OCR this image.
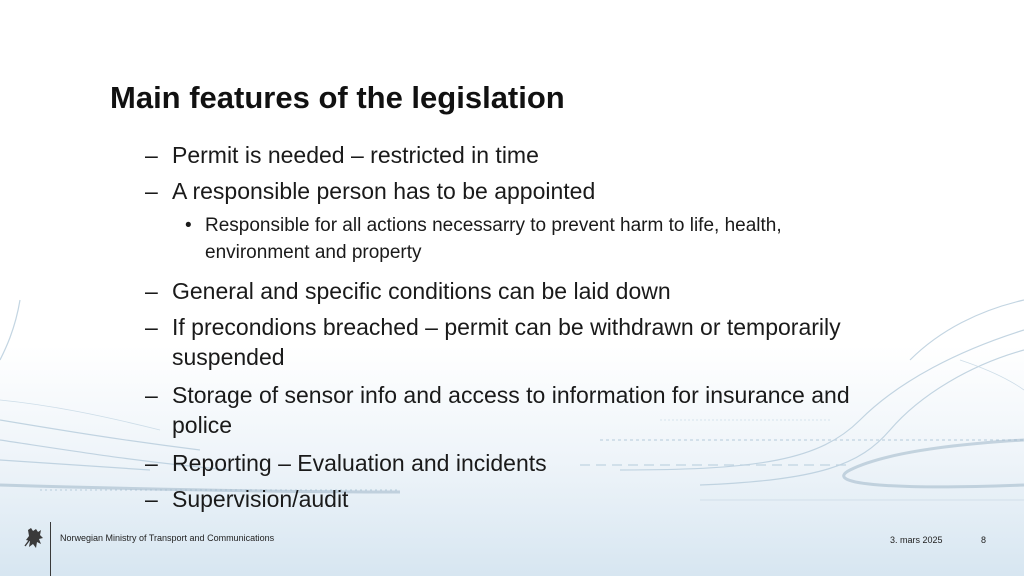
Main features of the legislation
– Permit is needed – restricted in time
– A responsible person has to be appointed
• Responsible for all actions necessarry to prevent harm to life, health, environment and property
– General and specific conditions can be laid down
– If precondions breached – permit can be withdrawn or temporarily suspended
– Storage of sensor info and access to information for insurance and police
– Reporting – Evaluation and incidents
– Supervision/audit
Norwegian Ministry of Transport and Communications	3. mars 2025	8
